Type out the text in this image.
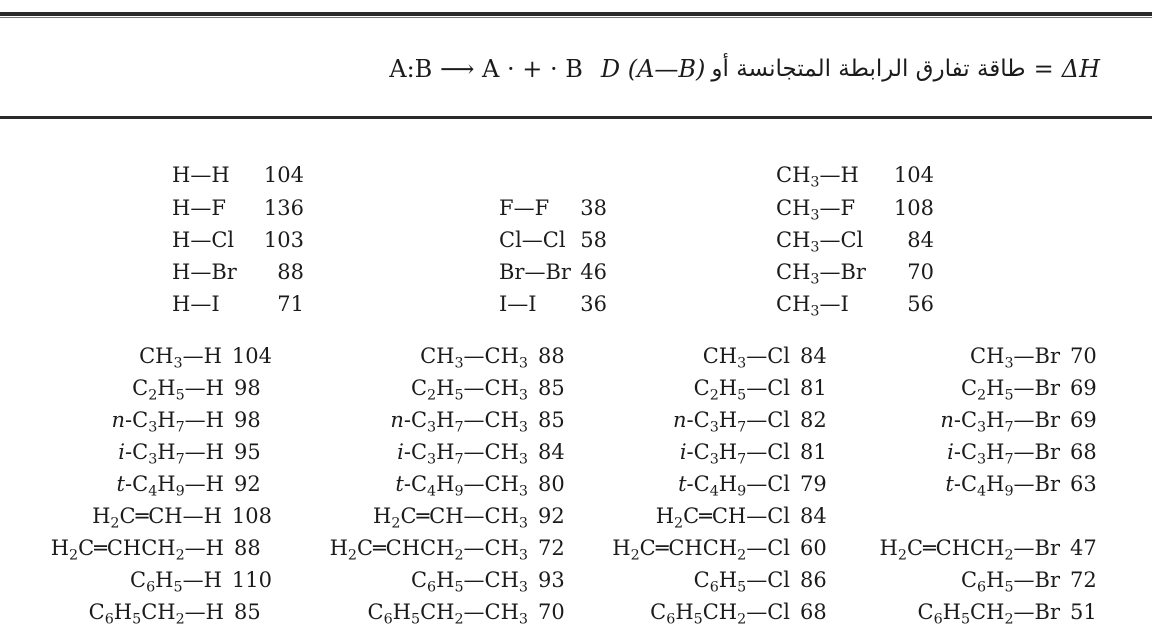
A:B ⟶ A · + · B D (A—B) طاقة تفارق الرابطة المتجانسة أو = ΔH
H—H 104
H—F 136
H—Cl 103
H—Br 88
H—I	71
F—F 38
Cl—Cl 58
Br—Br 46
I—I 36
$CH_3—H$ 104
$CH_3—F$ 108
$CH_3—Cl$ 84
$CH_3—Br$ 70
$CH_3—I$	56
$CH_3—H$ 104
$C_2H_5—H$ 98
$n-C_3H_7—H$ 98
$i-C_3H_7—H$ 95
$t-C_4H_9—H$ 92
$H_2C═CH—H$ 108
$H_2C═CHCH_2—H$ 88
$C_6H_5—H$ 110
$C_6H_5CH_2—H$ 85
$CH_3—CH_3$ 88
$C_2H_5—CH_3$ 85
$n-C_3H_7—CH_3$ 85
$i-C_3H_7—CH_3$ 84
$t-C_4H_9—CH_3$ 80
$H_2C═CH—CH_3$ 92
$H_2C═CHCH_2—CH_3$ 72
$C_6H_5—CH_3$ 93
$C_6H_5CH_2—CH_3$ 70
$CH_3—Cl$ 84
$C_2H_5—Cl$ 81
$n-C_3H_7—Cl$ 82
$i-C_3H_7—Cl$ 81
$t-C_4H_9—Cl$ 79
$H_2C═CH—Cl$ 84
$H_2C═CHCH_2—Cl$ 60
$C_6H_5—Cl$ 86
$C_6H_5CH_2—Cl$ 68
$CH_3—Br$ 70
$C_2H_5—Br$ 69
$n-C_3H_7—Br$ 69
$i-C_3H_7—Br$ 68
$t-C_4H_9—Br$ 63
$H_2C═CHCH_2—Br$ 47
$C_6H_5—Br$ 72
$C_6H_5CH_2—Br$ 51
